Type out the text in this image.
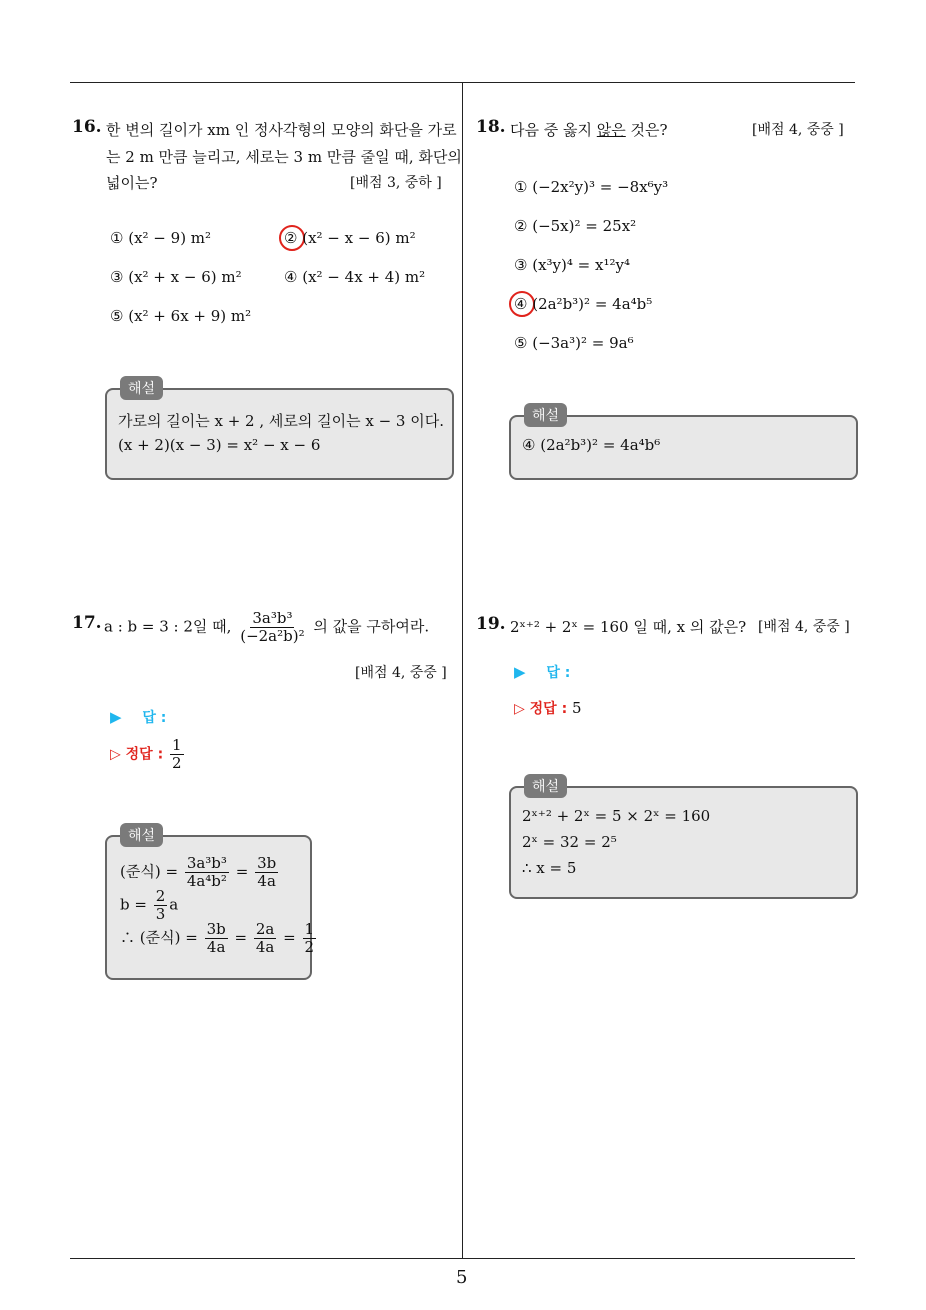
5
16. 한 변의 길이가 xm 인 정사각형의 모양의 화단을 가로
는 2 m 만큼 늘리고, 세로는 3 m 만큼 줄일 때, 화단의
넓이는?	[배점 3, 중하 ]
① (x² − 9) m²	② (x² − x − 6) m²
③ (x² + x − 6) m²	④ (x² − 4x + 4) m²
⑤ (x² + 6x + 9) m²
해설
가로의 길이는 x + 2 , 세로의 길이는 x − 3 이다.
(x + 2)(x − 3) = x² − x − 6
17. a : b = 3 : 2일 때, $\frac{\text{3a³b³}}{\text{(−2a²b)²}}$ 의 값을 구하여라.
[배점 4, 중중 ]
▶ 답 :
▷ 정답 : $\frac{1}{2}$
해설
(준식) = $\frac{\text{3a³b³}}{\text{4a⁴b²}} = \frac{3b}{4a}$
$b = \frac{2}{3}$ a
∴ (준식) = $\frac{3b}{4a} = \frac{2a}{4a} = \frac{1}{2}$
18. 다음 중 옳지 않은 것은?	[배점 4, 중중 ]
① (−2x²y)³ = −8x⁶y³
② (−5x)² = 25x²
③ (x³y)⁴ = x¹²y⁴
④ (2a²b³)² = 4a⁴b⁵
⑤ (−3a³)² = 9a⁶
해설
④ (2a²b³)² = 4a⁴b⁶
19. 2ˣ⁺² + 2ˣ = 160 일 때, x 의 값은? [배점 4, 중중 ]
▶ 답 :
▷ 정답 : 5
해설
2ˣ⁺² + 2ˣ = 5 × 2ˣ = 160
2ˣ = 32 = 2⁵
∴ x = 5
